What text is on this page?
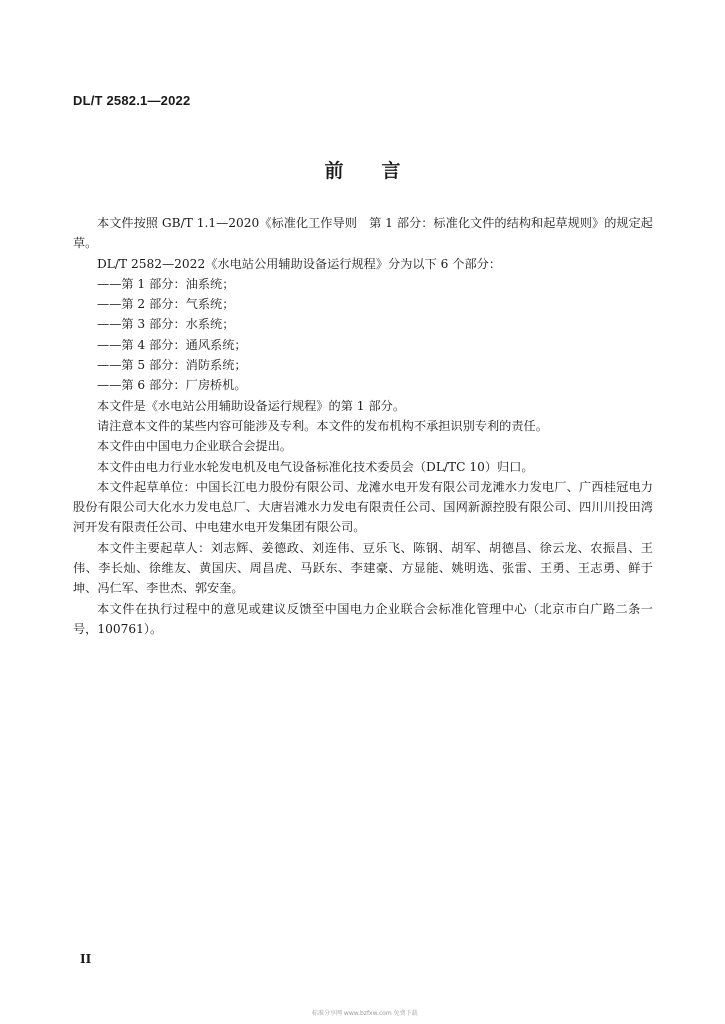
DL/T 2582.1—2022
前言

本文件按照 GB/T 1.1—2020《标准化工作导则　第 1 部分：标准化文件的结构和起草规则》的规定起草。

DL/T 2582—2022《水电站公用辅助设备运行规程》分为以下 6 个部分：

——第 1 部分：油系统；

——第 2 部分：气系统；

——第 3 部分：水系统；

——第 4 部分：通风系统；

——第 5 部分：消防系统；

——第 6 部分：厂房桥机。

本文件是《水电站公用辅助设备运行规程》的第 1 部分。

请注意本文件的某些内容可能涉及专利。本文件的发布机构不承担识别专利的责任。

本文件由中国电力企业联合会提出。

本文件由电力行业水轮发电机及电气设备标准化技术委员会（DL/TC 10）归口。

本文件起草单位：中国长江电力股份有限公司、龙滩水电开发有限公司龙滩水力发电厂、广西桂冠电力股份有限公司大化水力发电总厂、大唐岩滩水力发电有限责任公司、国网新源控股有限公司、四川川投田湾河开发有限责任公司、中电建水电开发集团有限公司。

本文件主要起草人：刘志辉、姜德政、刘连伟、豆乐飞、陈钢、胡军、胡德昌、徐云龙、农振昌、王伟、李长灿、徐维友、黄国庆、周昌虎、马跃东、李建豪、方显能、姚明选、张雷、王勇、王志勇、鲜于坤、冯仁军、李世杰、郭安奎。

本文件在执行过程中的意见或建议反馈至中国电力企业联合会标准化管理中心（北京市白广路二条一号，100761）。

II
标准分享网 www.bzfxw.com 免费下载
